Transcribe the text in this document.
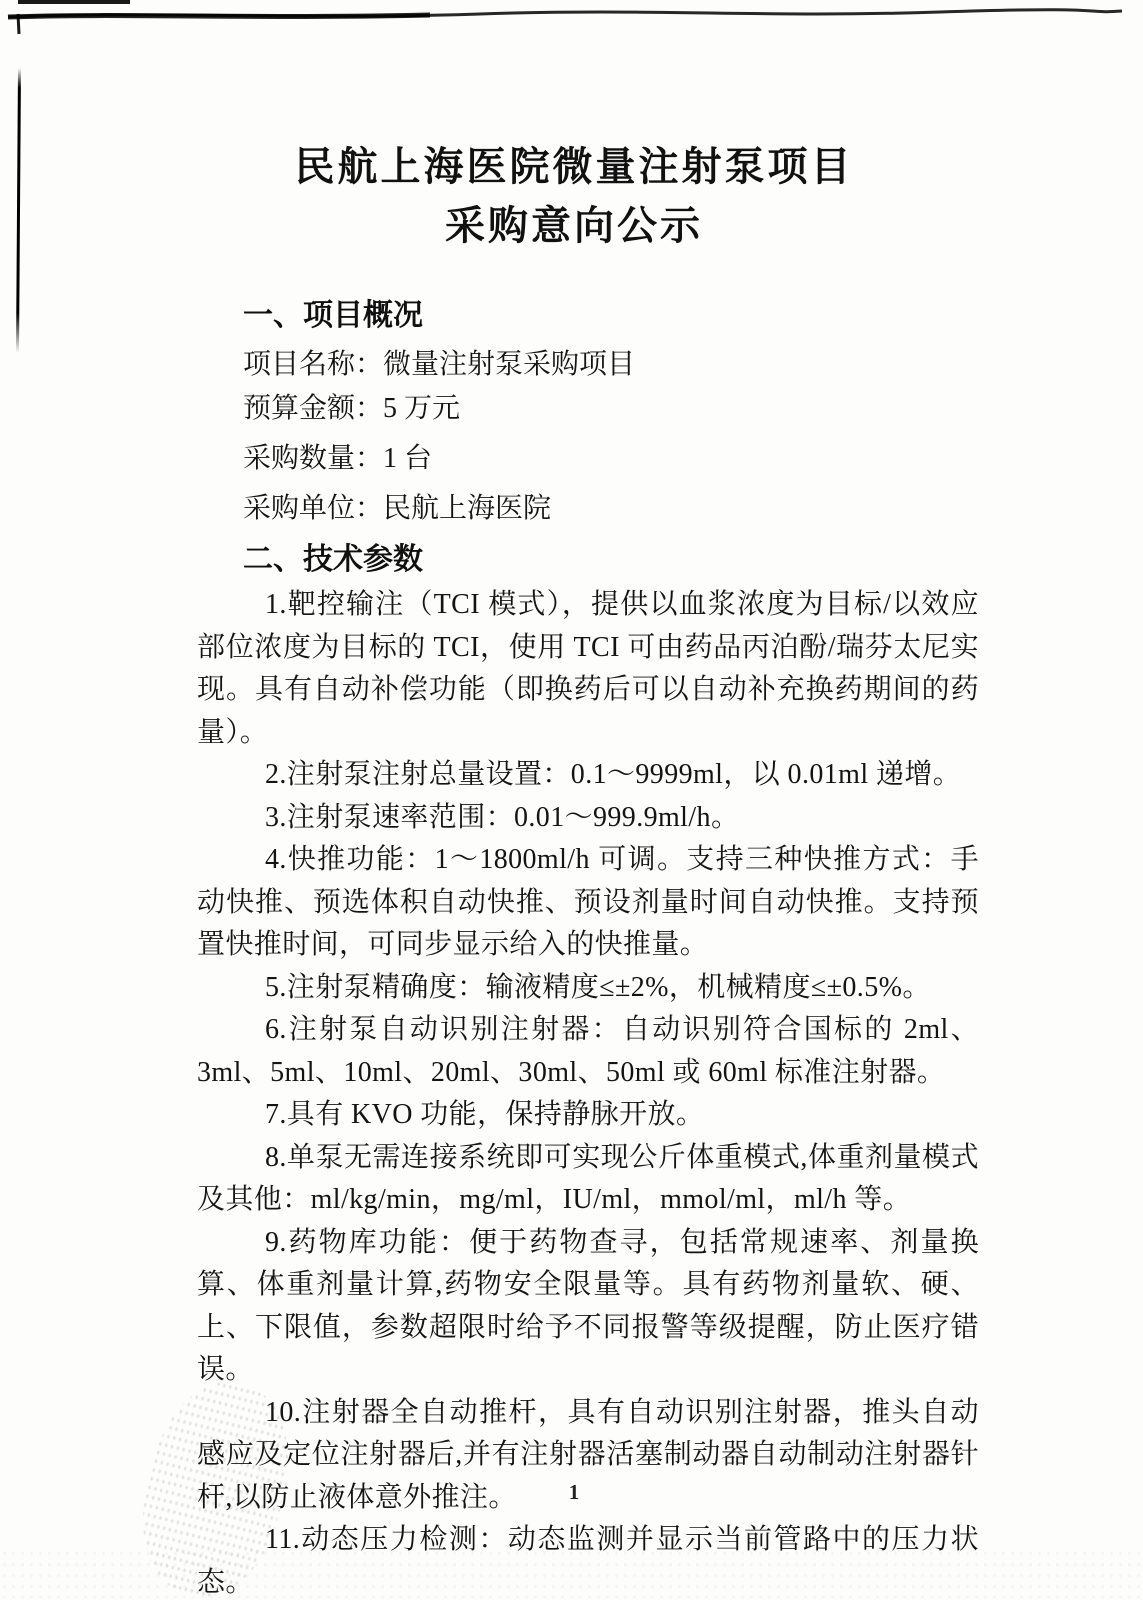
民航上海医院微量注射泵项目
采购意向公示
一、项目概况
项目名称：微量注射泵采购项目
预算金额：5 万元
采购数量：1 台
采购单位：民航上海医院
二、技术参数

1.靶控输注（TCI 模式），提供以血浆浓度为目标/以效应部位浓度为目标的 TCI，使用 TCI 可由药品丙泊酚/瑞芬太尼实现。具有自动补偿功能（即换药后可以自动补充换药期间的药量）。

2.注射泵注射总量设置：0.1～9999ml，以 0.01ml 递增。

3.注射泵速率范围：0.01～999.9ml/h。

4.快推功能：1～1800ml/h 可调。支持三种快推方式：手动快推、预选体积自动快推、预设剂量时间自动快推。支持预置快推时间，可同步显示给入的快推量。

5.注射泵精确度：输液精度≤±2%，机械精度≤±0.5%。

6.注射泵自动识别注射器：自动识别符合国标的 2ml、3ml、5ml、10ml、20ml、30ml、50ml 或 60ml 标准注射器。

7.具有 KVO 功能，保持静脉开放。

8.单泵无需连接系统即可实现公斤体重模式,体重剂量模式及其他：ml/kg/min，mg/ml，IU/ml，mmol/ml，ml/h 等。

9.药物库功能：便于药物查寻，包括常规速率、剂量换算、体重剂量计算,药物安全限量等。具有药物剂量软、硬、上、下限值，参数超限时给予不同报警等级提醒，防止医疗错误。

10.注射器全自动推杆，具有自动识别注射器，推头自动感应及定位注射器后,并有注射器活塞制动器自动制动注射器针杆,以防止液体意外推注。

11.动态压力检测：动态监测并显示当前管路中的压力状态。

1
